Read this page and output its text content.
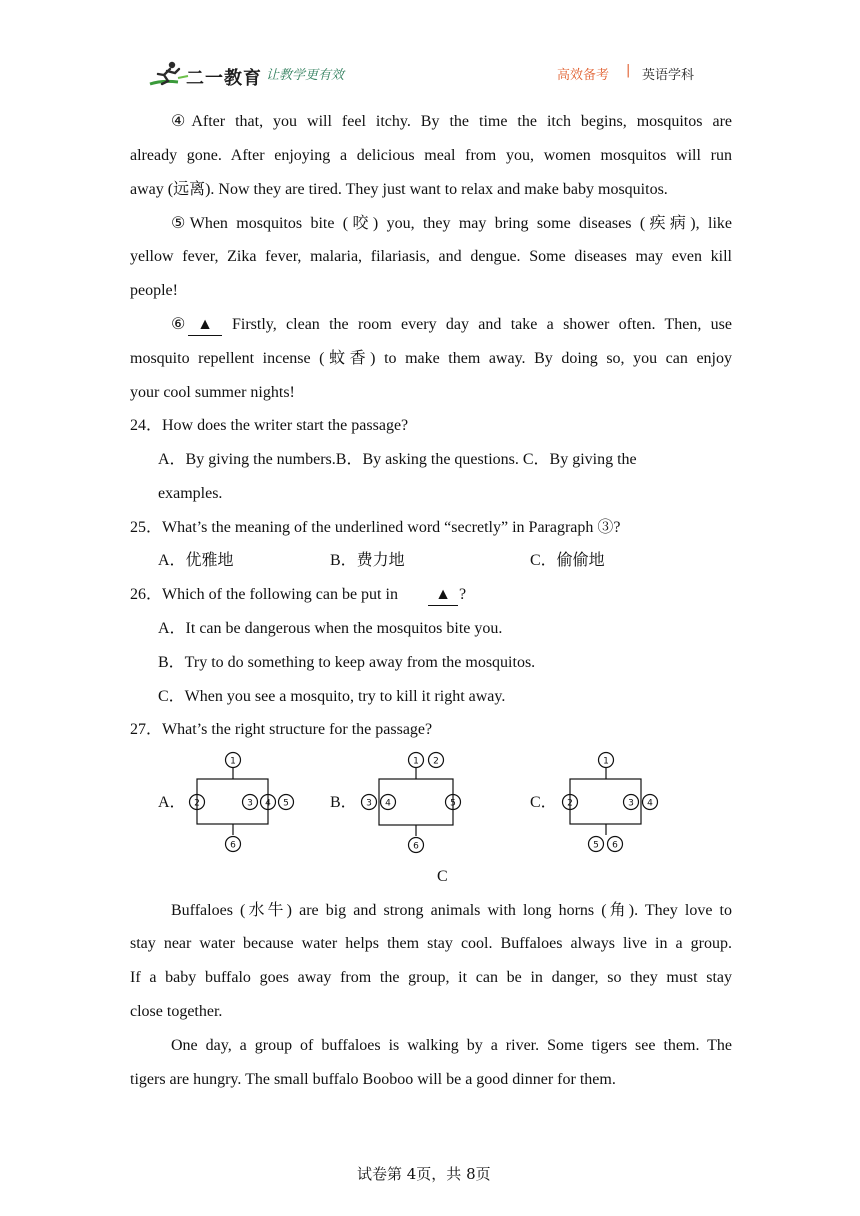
二一教育 让教学更有效	高效备考 | 英语学科
④After that, you will feel itchy. By the time the itch begins, mosquitos are
already gone. After enjoying a delicious meal from you, women mosquitos will run
away (远离). Now they are tired. They just want to relax and make baby mosquitos.
⑤When mosquitos bite (咬) you, they may bring some diseases (疾病), like
yellow fever, Zika fever, malaria, filariasis, and dengue. Some diseases may even kill
people!
⑥ ▲	Firstly, clean the room every day and take a shower often. Then, use
mosquito repellent incense (蚊香) to make them away. By doing so, you can enjoy
your cool summer nights!
24．How does the writer start the passage?
A．By giving the numbers.B．By asking the questions. C．By giving the
examples.
25．What’s the meaning of the underlined word “secretly” in Paragraph ③?
A．优雅地	B．费力地	C．偷偷地
26．Which of the following can be put in	▲ ?
A．It can be dangerous when the mosquitos bite you.
B．Try to do something to keep away from the mosquitos.
C．When you see a mosquito, try to kill it right away.
27．What’s the right structure for the passage?
A．
1
2	3 4 5
6
B．
1 2
3 4	5
6
C．
1
2	3 4
5 6
C
Buffaloes (水牛) are big and strong animals with long horns (角). They love to
stay near water because water helps them stay cool. Buffaloes always live in a group.
If a baby buffalo goes away from the group, it can be in danger, so they must stay
close together.
One day, a group of buffaloes is walking by a river. Some tigers see them. The
tigers are hungry. The small buffalo Booboo will be a good dinner for them.
试卷第 4页，共 8页
